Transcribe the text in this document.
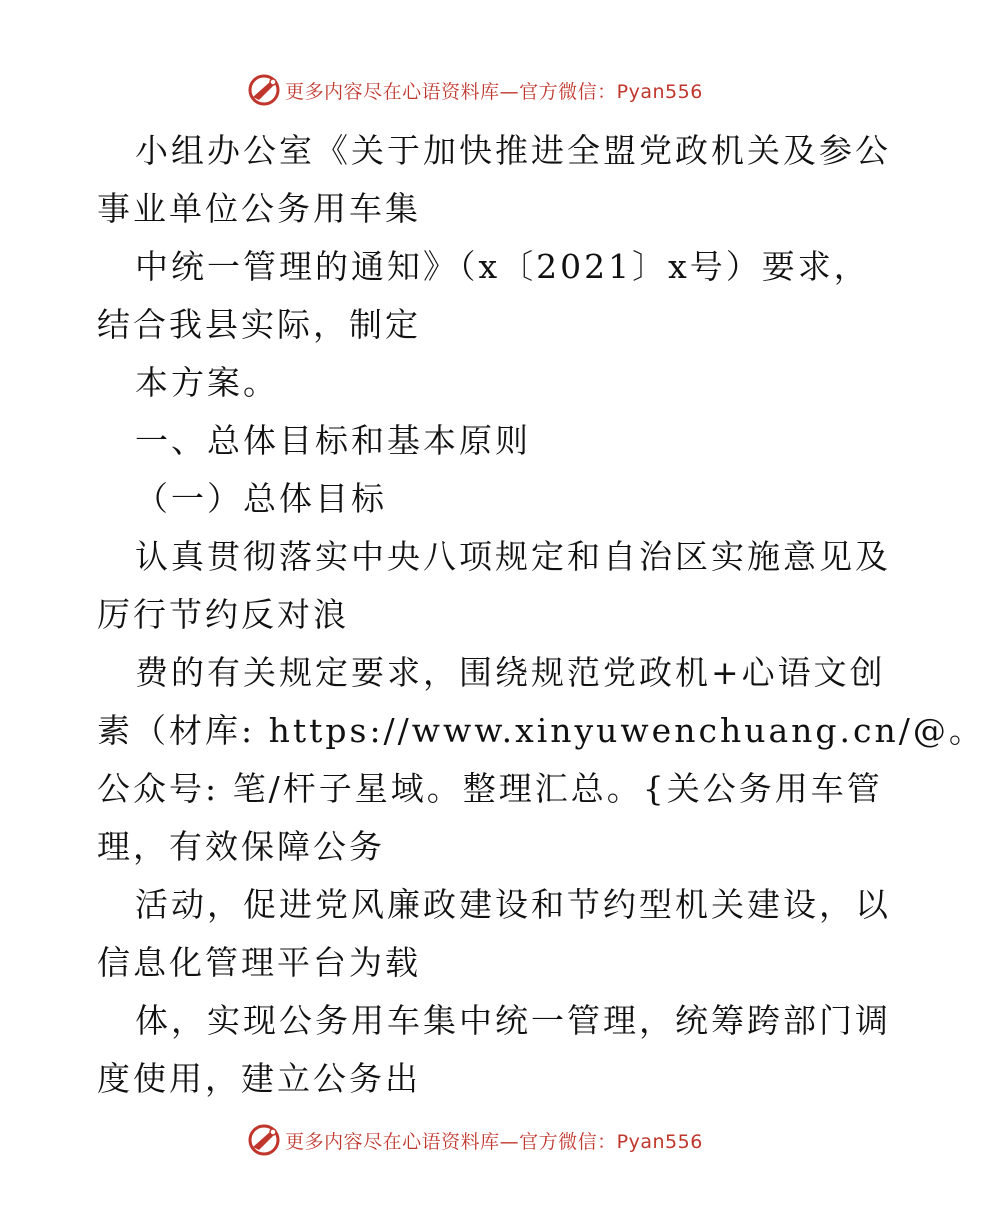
更多内容尽在心语资料库—官方微信：Pyan556
小组办公室《关于加快推进全盟党政机关及参公
事业单位公务用车集
中统一管理的通知》（x〔2021〕x号）要求，
结合我县实际，制定
本方案。
一、总体目标和基本原则
（一）总体目标
认真贯彻落实中央八项规定和自治区实施意见及
厉行节约反对浪
费的有关规定要求，围绕规范党政机+心语文创
素（材库: https://www.xinyuwenchuang.cn/@。
公众号: 笔/杆子星域。整理汇总。{关公务用车管
理，有效保障公务
活动，促进党风廉政建设和节约型机关建设，以
信息化管理平台为载
体，实现公务用车集中统一管理，统筹跨部门调
度使用，建立公务出
更多内容尽在心语资料库—官方微信：Pyan556
